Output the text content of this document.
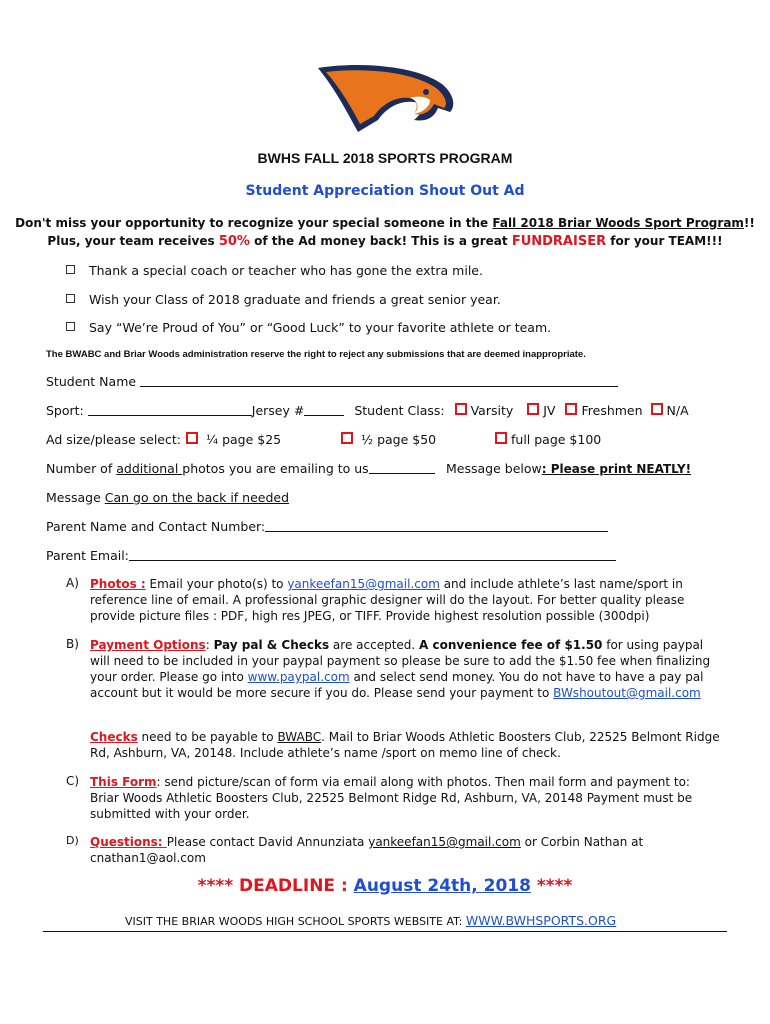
BWHS FALL 2018 SPORTS PROGRAM
Student Appreciation Shout Out Ad
Don't miss your opportunity to recognize your special someone in the Fall 2018 Briar Woods Sport Program!!
Plus, your team receives 50% of the Ad money back! This is a great FUNDRAISER for your TEAM!!!
Thank a special coach or teacher who has gone the extra mile.
Wish your Class of 2018 graduate and friends a great senior year.
Say “We’re Proud of You” or “Good Luck” to your favorite athlete or team.
The BWABC and Briar Woods administration reserve the right to reject any submissions that are deemed inappropriate.
Student Name
Sport:	Jersey #	Student Class: Varsity JV Freshmen N/A
Ad size/please select:	¼ page $25	½ page $50	full page $100
Number of additional photos you are emailing to us	Message below: Please print NEATLY!
Message Can go on the back if needed
Parent Name and Contact Number:
Parent Email:
A) Photos : Email your photo(s) to yankeefan15@gmail.com and include athlete’s last name/sport in reference line of email. A professional graphic designer will do the layout. For better quality please provide picture files : PDF, high res JPEG, or TIFF. Provide highest resolution possible (300dpi)
B) Payment Options: Pay pal & Checks are accepted. A convenience fee of $1.50 for using paypal will need to be included in your paypal payment so please be sure to add the $1.50 fee when finalizing your order. Please go into www.paypal.com and select send money. You do not have to have a pay pal account but it would be more secure if you do. Please send your payment to BWshoutout@gmail.com
Checks need to be payable to BWABC. Mail to Briar Woods Athletic Boosters Club, 22525 Belmont Ridge Rd, Ashburn, VA, 20148. Include athlete’s name /sport on memo line of check.
C) This Form: send picture/scan of form via email along with photos. Then mail form and payment to: Briar Woods Athletic Boosters Club, 22525 Belmont Ridge Rd, Ashburn, VA, 20148 Payment must be submitted with your order.
D) Questions: Please contact David Annunziata yankeefan15@gmail.com or Corbin Nathan at cnathan1@aol.com
**** DEADLINE : August 24th, 2018 ****
VISIT THE BRIAR WOODS HIGH SCHOOL SPORTS WEBSITE AT: WWW.BWHSPORTS.ORG
